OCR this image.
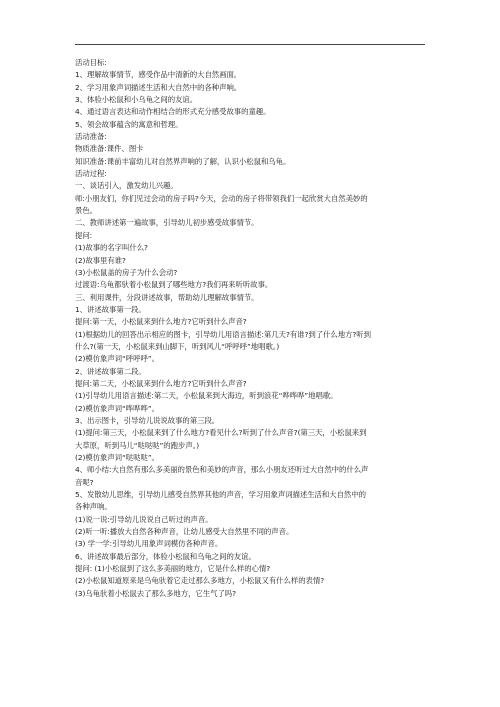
活动目标:
1、理解故事情节，感受作品中清新的大自然画面。
2、学习用象声词描述生活和大自然中的各种声响。
3、体验小松鼠和小乌龟之间的友谊。
4、通过语言表达和动作相结合的形式充分感受故事的童趣。
5、领会故事蕴含的寓意和哲理。
活动准备:
物质准备:课件、图卡
知识准备:课前丰富幼儿对自然界声响的了解，认识小松鼠和乌龟。
活动过程:
一、谈话引入，激发幼儿兴趣。
师:小朋友们，你们见过会动的房子吗?今天，会动的房子将带领我们一起欣赏大自然美妙的
景色。
二、教师讲述第一遍故事，引导幼儿初步感受故事情节。
提问:
(1)故事的名字叫什么?
(2)故事里有谁?
(3)小松鼠盖的房子为什么会动?
过渡语:乌龟都驮着小松鼠到了哪些地方?我们再来听听故事。
三、利用课件，分段讲述故事，帮助幼儿理解故事情节。
1、讲述故事第一段。
提问:第一天，小松鼠来到什么地方?它听到什么声音?
(1)根据幼儿的回答出示相应的图卡，引导幼儿用语言描述:第几天?有谁?到了什么地方?听到
什么?(第一天，小松鼠来到山脚下，听到风儿“呼呼呼”地唱歌。)
(2)模仿象声词“呼呼呼”。
2、讲述故事第二段。
提问:第二天，小松鼠来到什么地方?它听到什么声音?
(1)引导幼儿用语言描述:第二天，小松鼠来到大海边，听到浪花“哗哗哗”地唱歌。
(2)模仿象声词“哗哗哗”。
3、出示图卡，引导幼儿说说故事的第三段。
(1)提问:第三天，小松鼠来到了什么地方?看见什么?听到了什么声音?(第三天，小松鼠来到
大草原，听到马儿“哒哒哒”的跑步声。)
(2)模仿象声词“哒哒哒”。
4、师小结:大自然有那么多美丽的景色和美妙的声音，那么小朋友还听过大自然中的什么声
音呢?
5、发散幼儿思维，引导幼儿感受自然界其他的声音，学习用象声词描述生活和大自然中的
各种声响。
(1)说一说:引导幼儿说说自己听过的声音。
(2)听一听:播放大自然各种声音，让幼儿感受大自然里不同的声音。
(3) 学一学:引导幼儿用象声词模仿各种声音。
6、讲述故事最后部分，体验小松鼠和乌龟之间的友谊。
提问: (1)小松鼠到了这么多美丽的地方，它是什么样的心情?
(2)小松鼠知道原来是乌龟驮着它走过那么多地方，小松鼠又有什么样的表情?
(3)乌龟驮着小松鼠去了那么多地方，它生气了吗?
